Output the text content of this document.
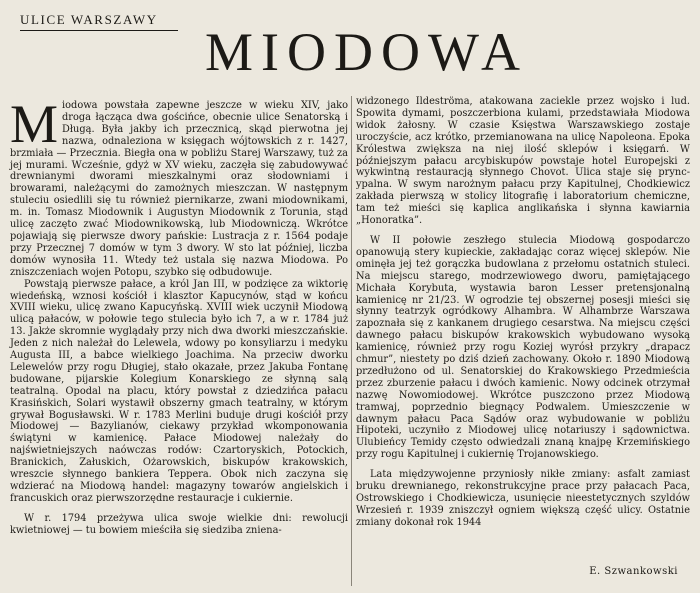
ULICE WARSZAWY
MIODOWA

Miodowa powstała zapewne jeszcze w wieku XIV, jako droga łącząca dwa gościńce, obecnie ulice Senatorską i Długą. Była jakby ich przecznicą, skąd pierwotna jej nazwa, odnaleziona w księgach wójtowskich z r. 1427, brzmiała — Przecznia. Biegła ona w pobliżu Starej Warszawy, tuż za jej murami. Wcześnie, gdyż w XV wieku, zaczęła się zabudowywać drewnianymi dworami mieszkalnymi oraz słodowniami i browarami, należącymi do zamożnych mieszczan. W następnym stuleciu osiedlili się tu również piernikarze, zwani miodownikami, m. in. Tomasz Miodownik i Augustyn Miodownik z Torunia, stąd ulicę zaczęto zwać Miodownikowską, lub Miodowniczą. Wkrótce pojawiają się pierwsze dwory pańskie: Lustracja z r. 1564 podaje przy Przecznej 7 domów w tym 3 dwory. W sto lat później, liczba domów wynosiła 11. Wtedy też ustala się nazwa Miodowa. Po zniszczeniach wojen Potopu, szybko się odbudowuje.

Powstają pierwsze pałace, a król Jan III, w podzięce za wiktorię wiedeńską, wznosi kościół i klasztor Kapucynów, stąd w końcu XVIII wieku, ulicę zwano Kapucyńską. XVIII wiek uczynił Miodową ulicą pałaców, w połowie tego stulecia było ich 7, a w r. 1784 już 13. Jakże skromnie wyglądały przy nich dwa dworki mieszczańskie. Jeden z nich należał do Lelewela, wdowy po konsyliarzu i medyku Augusta III, a babce wielkiego Joachima. Na przeciw dworku Lelewelów przy rogu Długiej, stało okazałe, przez Jakuba Fontanę budowane, pijarskie Kolegium Konarskiego ze słynną salą teatralną. Opodal na placu, który powstał z dziedzińca pałacu Krasińskich, Solari wystawił obszerny gmach teatralny, w którym grywał Bogusławski. W r. 1783 Merlini buduje drugi kościół przy Miodowej — Bazylianów, ciekawy przykład wkomponowania świątyni w kamienicę. Pałace Miodowej należały do najświetniejszych naówczas rodów: Czartoryskich, Potockich, Branickich, Załuskich, Ożarowskich, biskupów krakowskich, wreszcie słynnego bankiera Teppera. Obok nich zaczyna się wdzierać na Miodową handel: magazyny towarów angielskich i francuskich oraz pierwszorzędne restauracje i cukiernie.

W r. 1794 przeżywa ulica swoje wielkie dni: rewolucji kwietniowej — tu bowiem mieściła się siedziba zniena-

widzonego Ildeströma, atakowana zaciekle przez wojsko i lud. Spowita dymami, poszczerbiona kulami, przedstawiała Miodowa widok żałosny. W czasie Księstwa Warszawskiego zostaje uroczyście, acz krótko, przemianowana na ulicę Napoleona. Epoka Królestwa zwiększa na niej ilość sklepów i księgarń. W późniejszym pałacu arcybiskupów powstaje hotel Europejski z wykwintną restauracją słynnego Chovot. Ulica staje się pryncypalna. W swym narożnym pałacu przy Kapitulnej, Chodkiewicz zakłada pierwszą w stolicy litografię i laboratorium chemiczne, tam też mieści się kaplica anglikańska i słynna kawiarnia „Honoratka”.

W II połowie zeszłego stulecia Miodową gospodarczo opanowują stery kupieckie, zakładając coraz więcej sklepów. Nie ominęła jej też gorączka budowlana z przełomu ostatnich stuleci. Na miejscu starego, modrzewiowego dworu, pamiętającego Michała Korybuta, wystawia baron Lesser pretensjonalną kamienicę nr 21/23. W ogrodzie tej obszernej posesji mieści się słynny teatrzyk ogródkowy Alhambra. W Alhambrze Warszawa zapoznała się z kankanem drugiego cesarstwa. Na miejscu części dawnego pałacu biskupów krakowskich wybudowano wysoką kamienicę, również przy rogu Koziej wyrósł przykry „drapacz chmur”, niestety po dziś dzień zachowany. Około r. 1890 Miodową przedłużono od ul. Senatorskiej do Krakowskiego Przedmieścia przez zburzenie pałacu i dwóch kamienic. Nowy odcinek otrzymał nazwę Nowomiodowej. Wkrótce puszczono przez Miodową tramwaj, poprzednio biegnący Podwalem. Umieszczenie w dawnym pałacu Paca Sądów oraz wybudowanie w pobliżu Hipoteki, uczyniło z Miodowej ulicę notariuszy i sądownictwa. Ulubieńcy Temidy często odwiedzali znaną knajpę Krzemińskiego przy rogu Kapitulnej i cukiernię Trojanowskiego.

Lata międzywojenne przyniosły nikłe zmiany: asfalt zamiast bruku drewnianego, rekonstrukcyjne prace przy pałacach Paca, Ostrowskiego i Chodkiewicza, usunięcie nieestetycznych szyldów Wrzesień r. 1939 zniszczył ogniem większą część ulicy. Ostatnie zmiany dokonał rok 1944

E. Szwankowski
